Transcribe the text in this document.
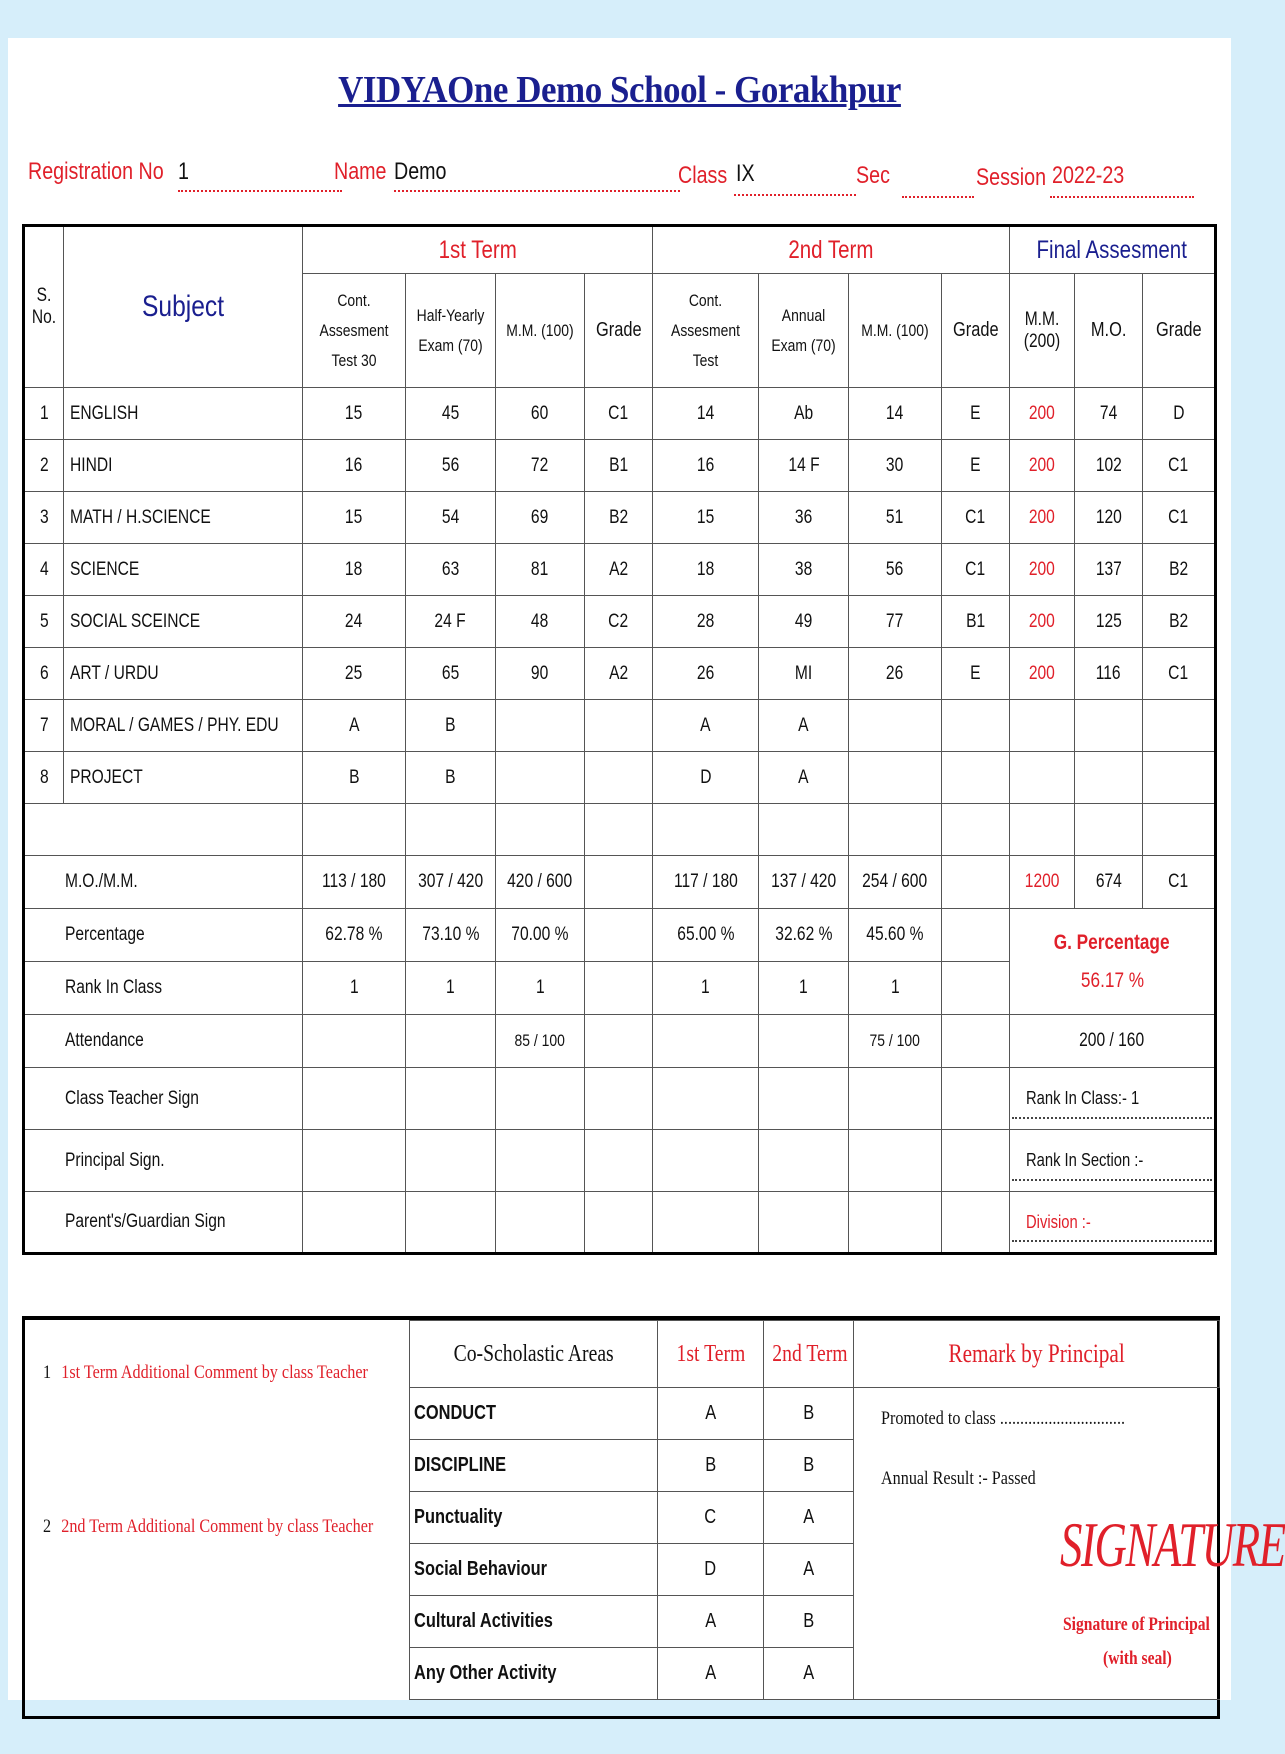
VIDYAOne Demo School - Gorakhpur
Registration No 1	Name Demo	Class IX	Sec	Session 2022-23
S. No.	Subject	1st Term				2nd Term				Final Assesment		

		Cont. Assesment Test 30	Half-Yearly Exam (70)	M.M. (100)	Grade	Cont. Assesment Test	Annual Exam (70)	M.M. (100)	Grade	M.M. (200)	M.O.	Grade
1	ENGLISH	15	45	60	C1	14	Ab	14	E	200	74	D
2	HINDI	16	56	72	B1	16	14 F	30	E	200	102	C1
3	MATH / H.SCIENCE	15	54	69	B2	15	36	51	C1	200	120	C1
4	SCIENCE	18	63	81	A2	18	38	56	C1	200	137	B2
5	SOCIAL SCEINCE	24	24 F	48	C2	28	49	77	B1	200	125	B2
6	ART / URDU	25	65	90	A2	26	MI	26	E	200	116	C1
7	MORAL / GAMES / PHY. EDU	A	B			A	A					
8	PROJECT	B	B			D	A					

M.O./M.M.		113 / 180	307 / 420	420 / 600		117 / 180	137 / 420	254 / 600		1200	674	C1
Percentage		62.78 %	73.10 %	70.00 %		65.00 %	32.62 %	45.60 %		G. Percentage
56.17 %		

Rank In Class		1	1	1		1	1	1				
Attendance				85 / 100				75 / 100		200 / 160		
Class Teacher Sign										Rank In Class:- 1		

Principal Sign.										Rank In Section :-		

Parent's/Guardian Sign										Division :-		
1 1st Term Additional Comment by class Teacher
2 2nd Term Additional Comment by class Teacher
Co-Scholastic Areas	1st Term	2nd Term	Remark by Principal
CONDUCT	A	B	
DISCIPLINE	B	B	
Punctuality	C	A	
Social Behaviour	D	A	
Cultural Activities	A	B	
Any Other Activity	A	A	
Promoted to class ...............................
Annual Result :- Passed
SIGNATURE
Signature of Principal
(with seal)
